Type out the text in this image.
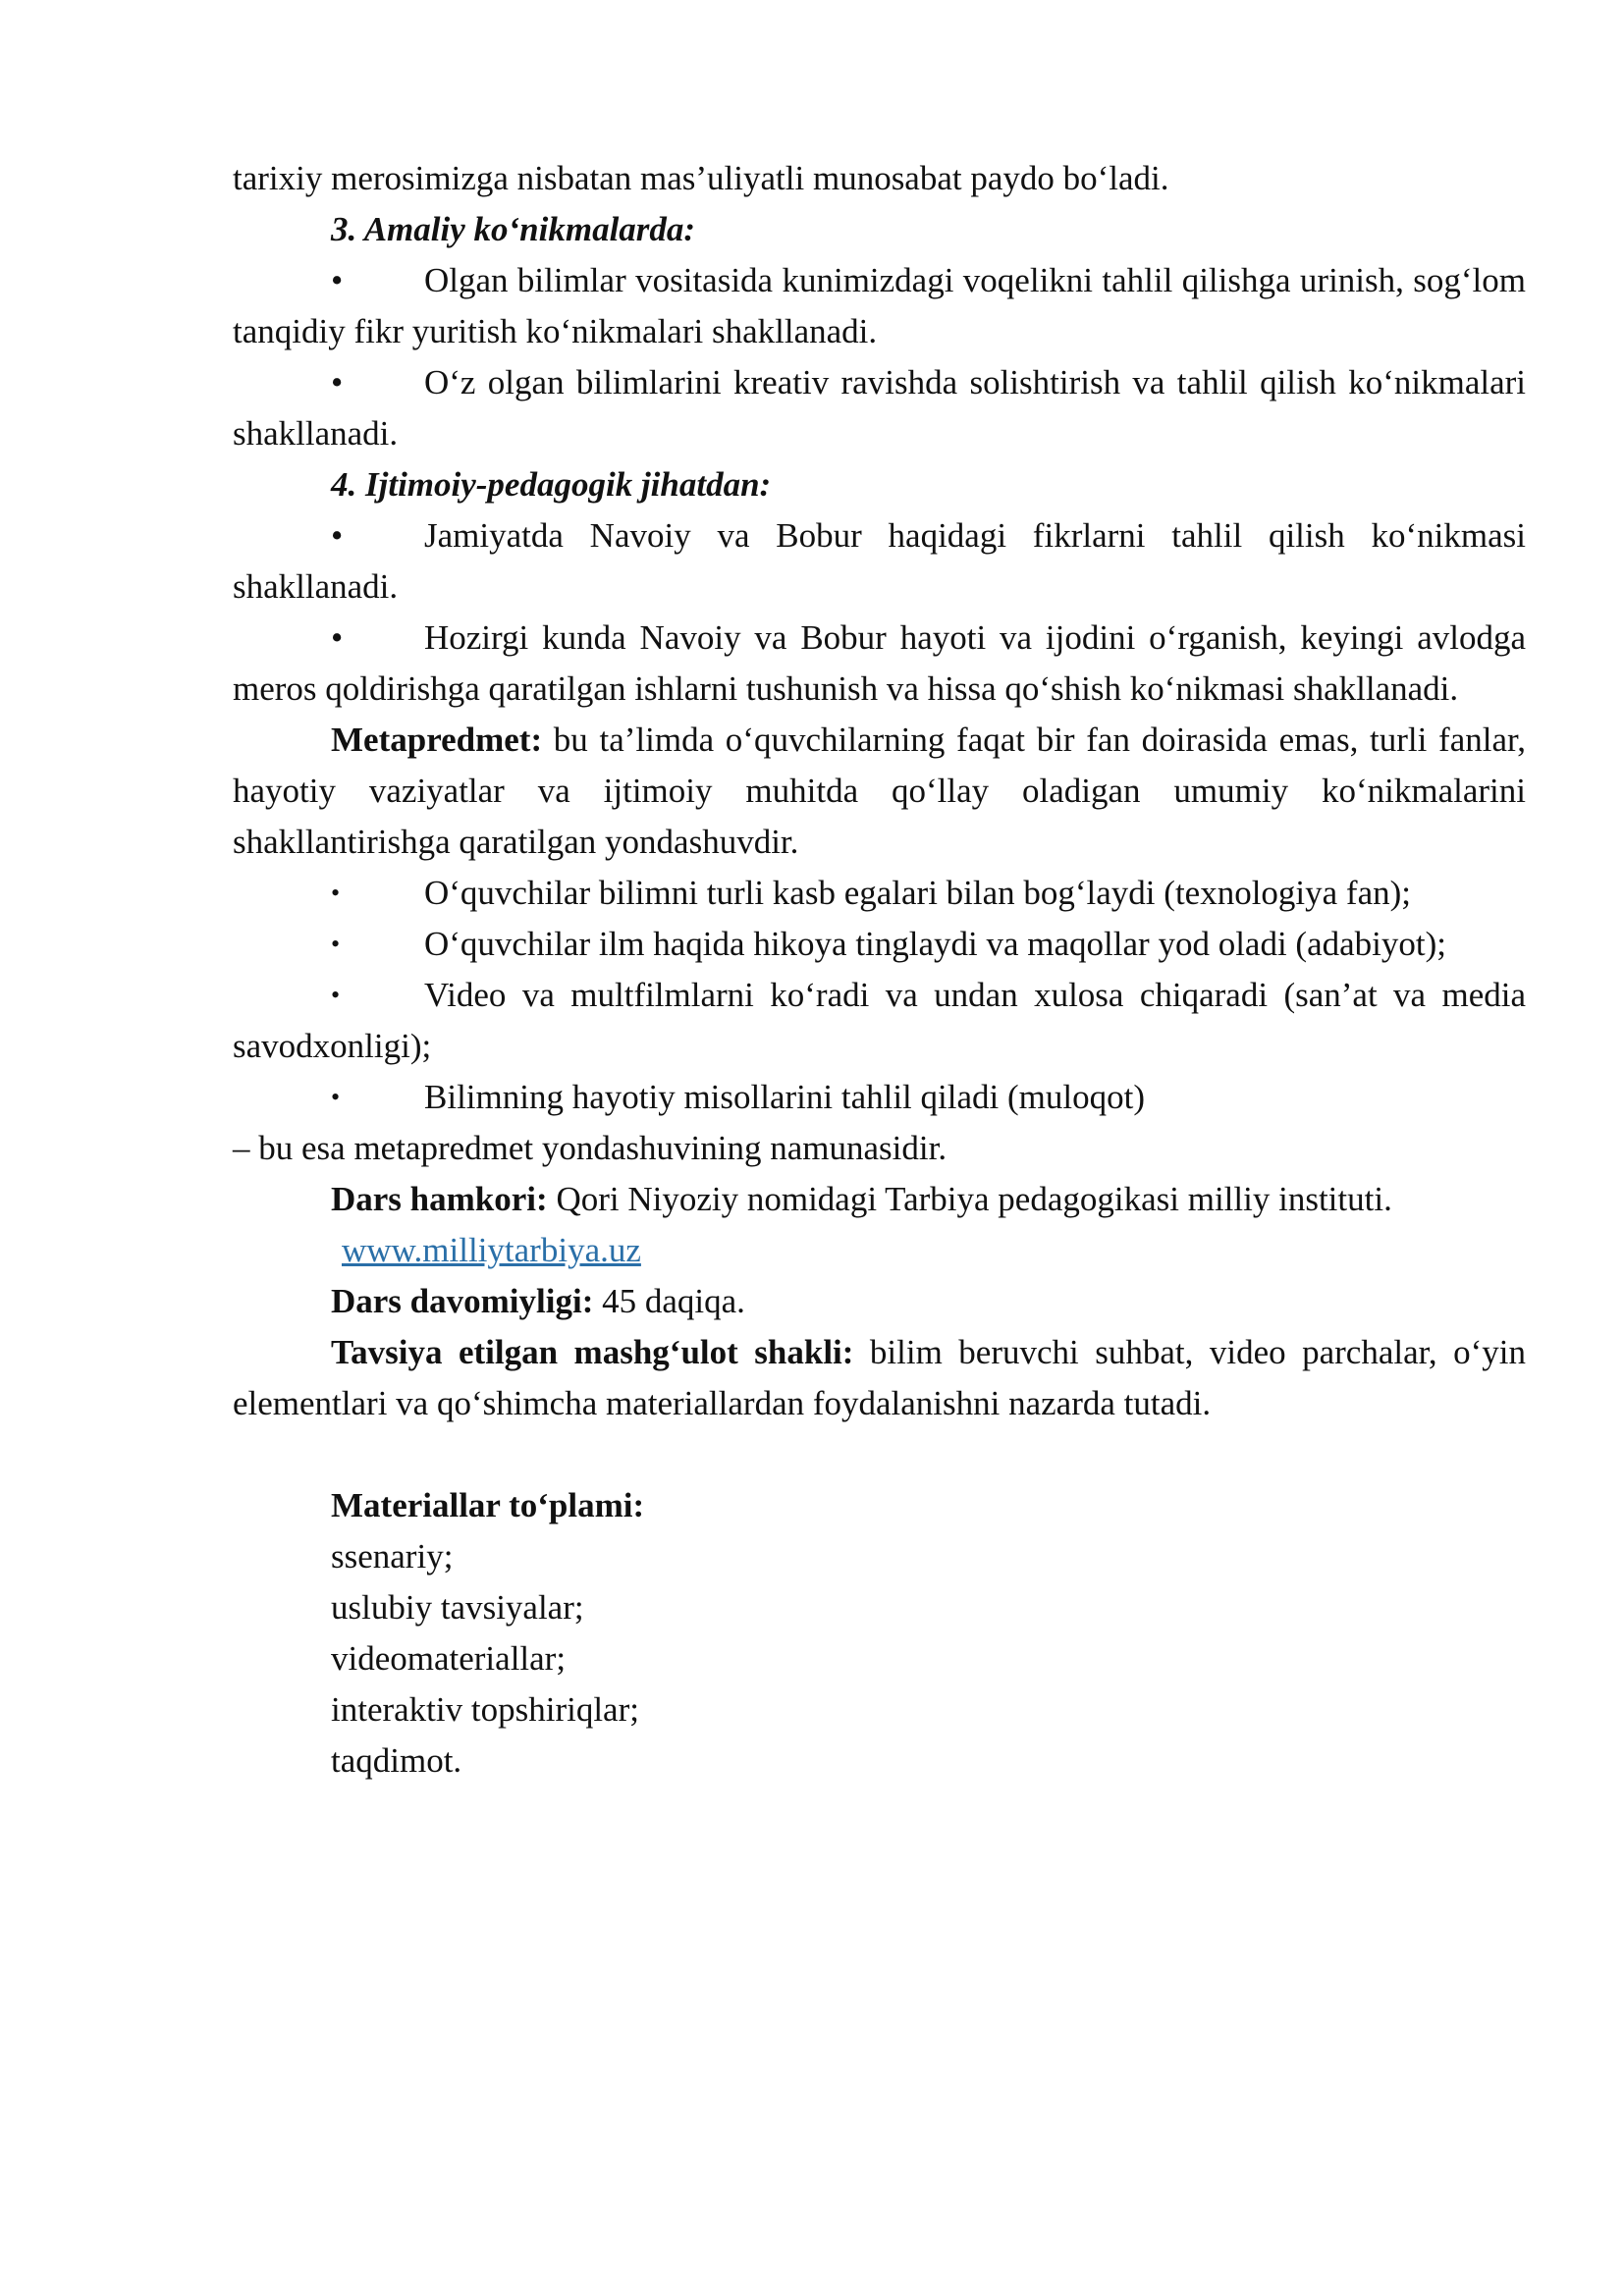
tarixiy merosimizga nisbatan mas’uliyatli munosabat paydo bo‘ladi.

3. Amaliy ko‘nikmalarda:

•	Olgan bilimlar vositasida kunimizdagi voqelikni tahlil qilishga urinish, sog‘lom tanqidiy fikr yuritish ko‘nikmalari shakllanadi.

•	O‘z olgan bilimlarini kreativ ravishda solishtirish va tahlil qilish ko‘nikmalari shakllanadi.

4. Ijtimoiy-pedagogik jihatdan:

•	Jamiyatda Navoiy va Bobur haqidagi fikrlarni tahlil qilish ko‘nikmasi shakllanadi.

•	Hozirgi kunda Navoiy va Bobur hayoti va ijodini o‘rganish, keyingi avlodga meros qoldirishga qaratilgan ishlarni tushunish va hissa qo‘shish ko‘nikmasi shakllanadi.

Metapredmet: bu ta’limda o‘quvchilarning faqat bir fan doirasida emas, turli fanlar, hayotiy vaziyatlar va ijtimoiy muhitda qo‘llay oladigan umumiy ko‘nikmalarini shakllantirishga qaratilgan yondashuvdir.

•	O‘quvchilar bilimni turli kasb egalari bilan bog‘laydi (texnologiya fan);

•	O‘quvchilar ilm haqida hikoya tinglaydi va maqollar yod oladi (adabiyot);

•	Video va multfilmlarni ko‘radi va undan xulosa chiqaradi (san’at va media savodxonligi);

•	Bilimning hayotiy misollarini tahlil qiladi (muloqot)

– bu esa metapredmet yondashuvining namunasidir.

Dars hamkori: Qori Niyoziy nomidagi Tarbiya pedagogikasi milliy instituti.

www.milliytarbiya.uz

Dars davomiyligi: 45 daqiqa.

Tavsiya etilgan mashg‘ulot shakli: bilim beruvchi suhbat, video parchalar, o‘yin elementlari va qo‘shimcha materiallardan foydalanishni nazarda tutadi.

Materiallar to‘plami:

ssenariy;

uslubiy tavsiyalar;

videomateriallar;

interaktiv topshiriqlar;

taqdimot.
